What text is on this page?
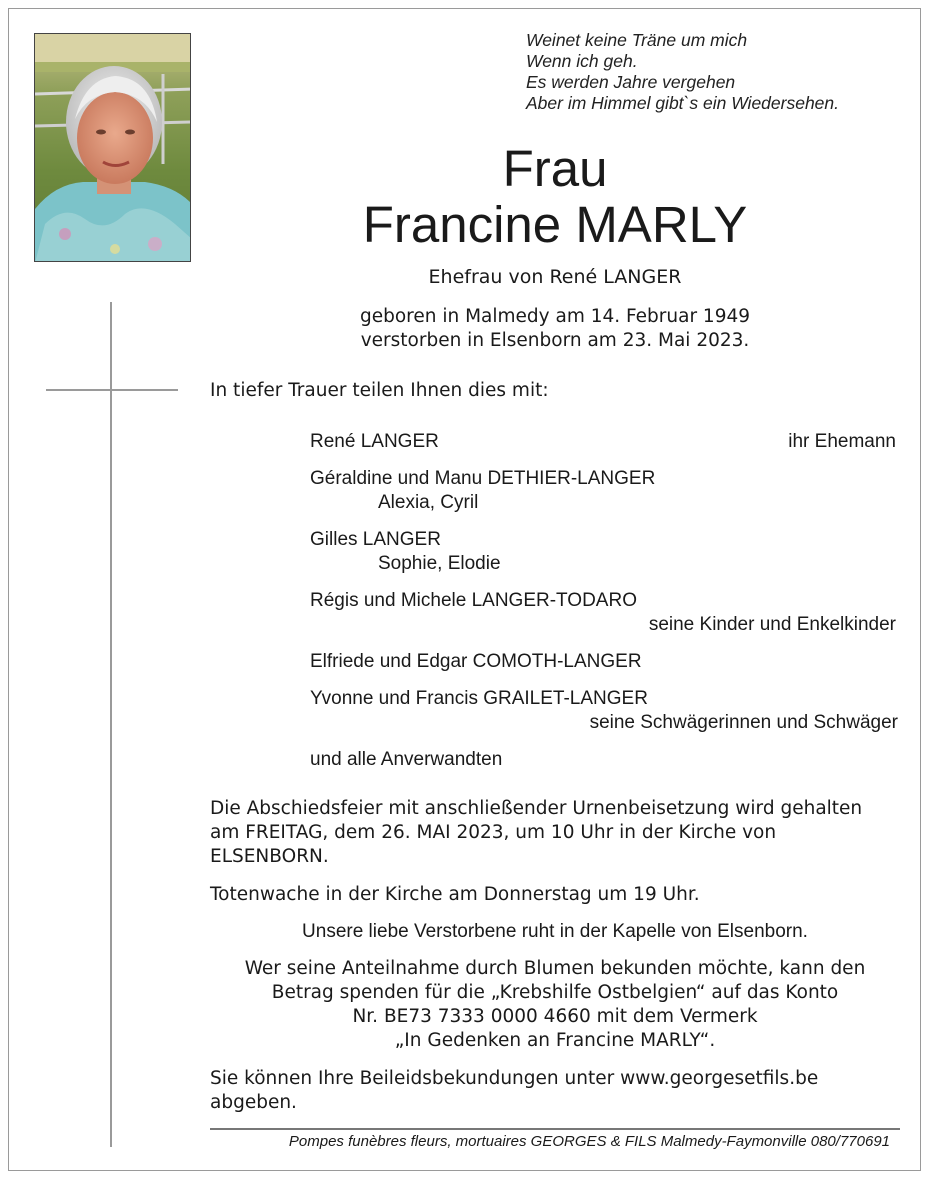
Weinet keine Träne um mich
Wenn ich geh.
Es werden Jahre vergehen
Aber im Himmel gibt`s ein Wiedersehen.
Frau
Francine MARLY
Ehefrau von René LANGER
geboren in Malmedy am 14. Februar 1949
verstorben in Elsenborn am 23. Mai 2023.
In tiefer Trauer teilen Ihnen dies mit:
René LANGER	ihr Ehemann
Géraldine und Manu DETHIER-LANGER
Alexia, Cyril
Gilles LANGER
Sophie, Elodie
Régis und Michele LANGER-TODARO
seine Kinder und Enkelkinder
Elfriede und Edgar COMOTH-LANGER
Yvonne und Francis GRAILET-LANGER
seine Schwägerinnen und Schwäger
und alle Anverwandten
Die Abschiedsfeier mit anschließender Urnenbeisetzung wird gehalten am FREITAG, dem 26. MAI 2023, um 10 Uhr in der Kirche von ELSENBORN.
Totenwache in der Kirche am Donnerstag um 19 Uhr.
Unsere liebe Verstorbene ruht in der Kapelle von Elsenborn.
Wer seine Anteilnahme durch Blumen bekunden möchte, kann den
Betrag spenden für die „Krebshilfe Ostbelgien“ auf das Konto
Nr. BE73 7333 0000 4660 mit dem Vermerk
„In Gedenken an Francine MARLY“.
Sie können Ihre Beileidsbekundungen unter www.georgesetfils.be abgeben.
Pompes funèbres fleurs, mortuaires GEORGES & FILS Malmedy-Faymonville 080/770691
